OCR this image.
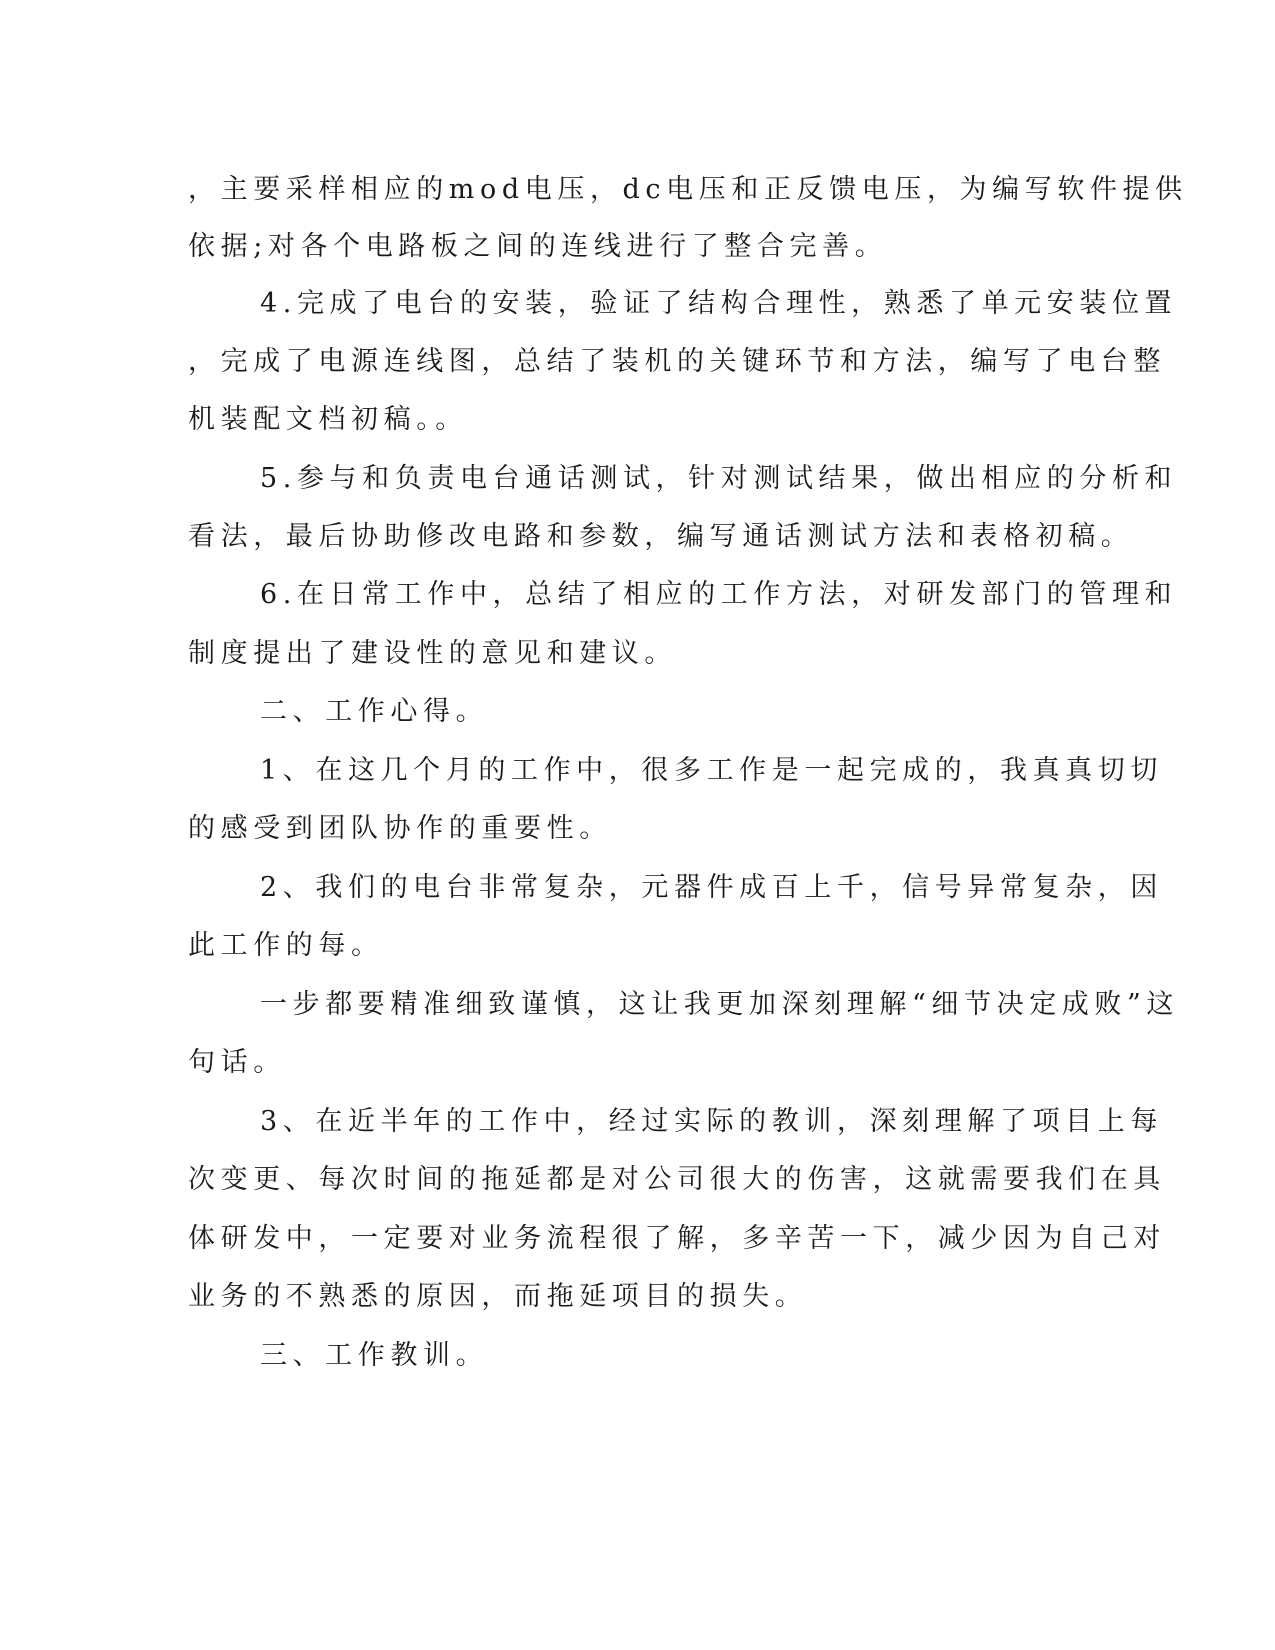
，主要采样相应的mod电压，dc电压和正反馈电压，为编写软件提供
依据;对各个电路板之间的连线进行了整合完善。
4.完成了电台的安装，验证了结构合理性，熟悉了单元安装位置
，完成了电源连线图，总结了装机的关键环节和方法，编写了电台整
机装配文档初稿。。
5.参与和负责电台通话测试，针对测试结果，做出相应的分析和
看法，最后协助修改电路和参数，编写通话测试方法和表格初稿。
6.在日常工作中，总结了相应的工作方法，对研发部门的管理和
制度提出了建设性的意见和建议。
二、工作心得。
1、在这几个月的工作中，很多工作是一起完成的，我真真切切
的感受到团队协作的重要性。
2、我们的电台非常复杂，元器件成百上千，信号异常复杂，因
此工作的每。
一步都要精准细致谨慎，这让我更加深刻理解“细节决定成败”这
句话。
3、在近半年的工作中，经过实际的教训，深刻理解了项目上每
次变更、每次时间的拖延都是对公司很大的伤害，这就需要我们在具
体研发中，一定要对业务流程很了解，多辛苦一下，减少因为自己对
业务的不熟悉的原因，而拖延项目的损失。
三、工作教训。
